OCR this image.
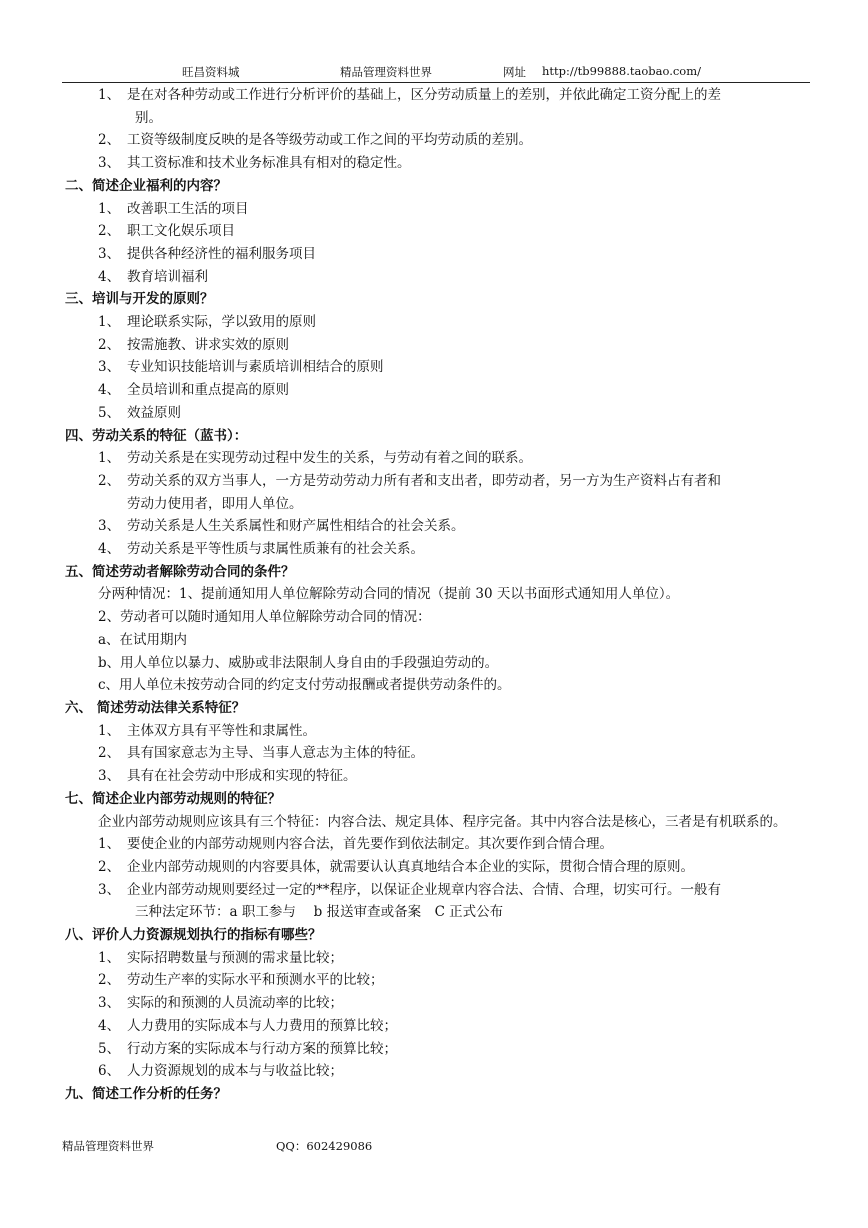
旺昌资料城	精品管理资料世界	网址 http://tb99888.taobao.com/
1、 是在对各种劳动或工作进行分析评价的基础上，区分劳动质量上的差别，并依此确定工资分配上的差
别。
2、 工资等级制度反映的是各等级劳动或工作之间的平均劳动质的差别。
3、 其工资标准和技术业务标准具有相对的稳定性。
二、简述企业福利的内容？
1、 改善职工生活的项目
2、 职工文化娱乐项目
3、 提供各种经济性的福利服务项目
4、 教育培训福利
三、培训与开发的原则？
1、 理论联系实际，学以致用的原则
2、 按需施教、讲求实效的原则
3、 专业知识技能培训与素质培训相结合的原则
4、 全员培训和重点提高的原则
5、 效益原则
四、劳动关系的特征（蓝书）：
1、 劳动关系是在实现劳动过程中发生的关系，与劳动有着之间的联系。
2、 劳动关系的双方当事人，一方是劳动劳动力所有者和支出者，即劳动者，另一方为生产资料占有者和
劳动力使用者，即用人单位。
3、 劳动关系是人生关系属性和财产属性相结合的社会关系。
4、 劳动关系是平等性质与隶属性质兼有的社会关系。
五、简述劳动者解除劳动合同的条件？
分两种情况：1、提前通知用人单位解除劳动合同的情况（提前 30 天以书面形式通知用人单位）。
2、劳动者可以随时通知用人单位解除劳动合同的情况：
a、在试用期内
b、用人单位以暴力、威胁或非法限制人身自由的手段强迫劳动的。
c、用人单位未按劳动合同的约定支付劳动报酬或者提供劳动条件的。
六、 简述劳动法律关系特征？
1、 主体双方具有平等性和隶属性。
2、 具有国家意志为主导、当事人意志为主体的特征。
3、 具有在社会劳动中形成和实现的特征。
七、简述企业内部劳动规则的特征？
企业内部劳动规则应该具有三个特征：内容合法、规定具体、程序完备。其中内容合法是核心，三者是有机联系的。
1、 要使企业的内部劳动规则内容合法，首先要作到依法制定。其次要作到合情合理。
2、 企业内部劳动规则的内容要具体，就需要认认真真地结合本企业的实际，贯彻合情合理的原则。
3、 企业内部劳动规则要经过一定的**程序，以保证企业规章内容合法、合情、合理，切实可行。一般有
三种法定环节：a 职工参与　 b 报送审查或备案　C 正式公布
八、评价人力资源规划执行的指标有哪些？
1、 实际招聘数量与预测的需求量比较；
2、 劳动生产率的实际水平和预测水平的比较；
3、 实际的和预测的人员流动率的比较；
4、 人力费用的实际成本与人力费用的预算比较；
5、 行动方案的实际成本与行动方案的预算比较；
6、 人力资源规划的成本与与收益比较；
九、简述工作分析的任务？
精品管理资料世界	QQ：602429086
